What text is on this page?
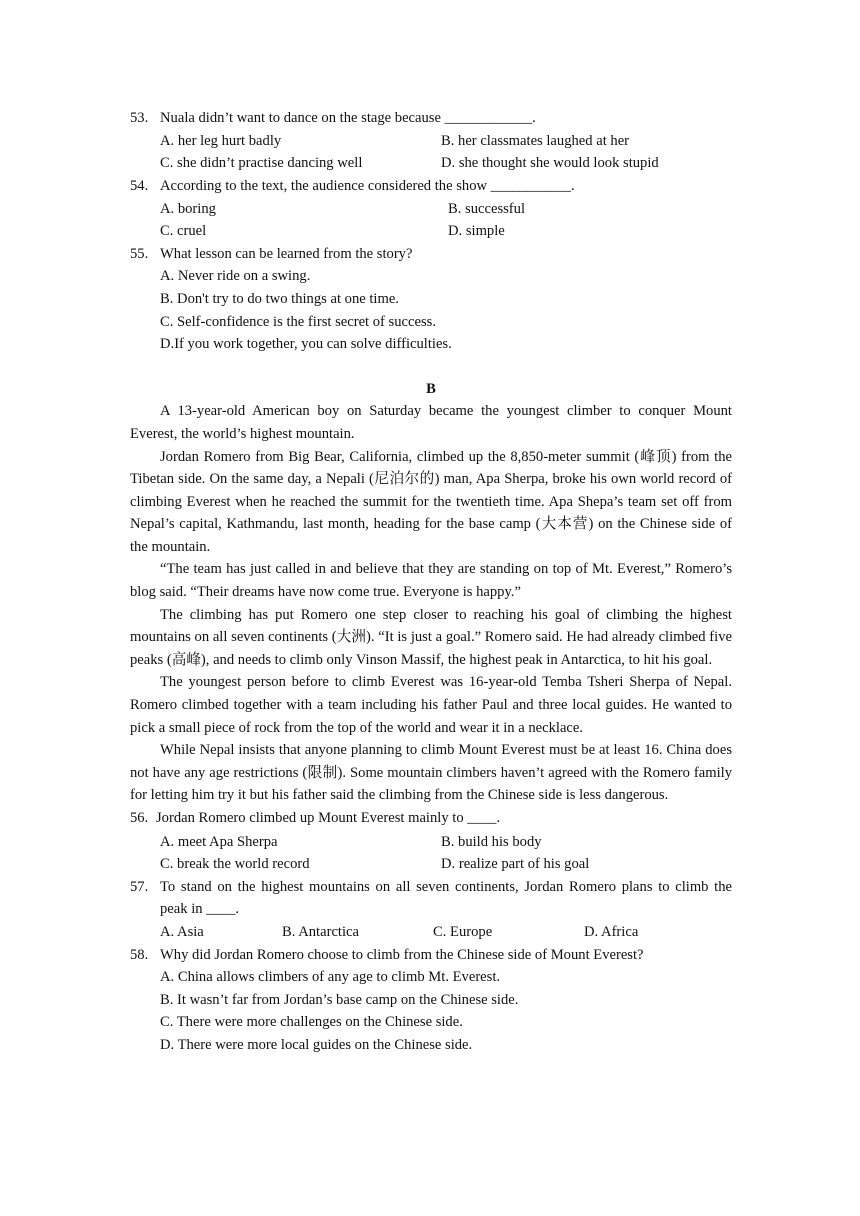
53. Nuala didn’t want to dance on the stage because ____________.
A. her leg hurt badly	B. her classmates laughed at her
C. she didn’t practise dancing well	D. she thought she would look stupid
54. According to the text, the audience considered the show ___________.
A. boring	B. successful
C. cruel	D. simple
55. What lesson can be learned from the story?
A. Never ride on a swing.
B. Don't try to do two things at one time.
C. Self-confidence is the first secret of success.
D.If you work together, you can solve difficulties.
B
A 13-year-old American boy on Saturday became the youngest climber to conquer Mount Everest, the world’s highest mountain.
Jordan Romero from Big Bear, California, climbed up the 8,850-meter summit (峰顶) from the Tibetan side. On the same day, a Nepali (尼泊尔的) man, Apa Sherpa, broke his own world record of climbing Everest when he reached the summit for the twentieth time. Apa Shepa’s team set off from Nepal’s capital, Kathmandu, last month, heading for the base camp (大本营) on the Chinese side of the mountain.
“The team has just called in and believe that they are standing on top of Mt. Everest,” Romero’s blog said. “Their dreams have now come true. Everyone is happy.”
The climbing has put Romero one step closer to reaching his goal of climbing the highest mountains on all seven continents (大洲). “It is just a goal.” Romero said. He had already climbed five peaks (高峰), and needs to climb only Vinson Massif, the highest peak in Antarctica, to hit his goal.
The youngest person before to climb Everest was 16-year-old Temba Tsheri Sherpa of Nepal. Romero climbed together with a team including his father Paul and three local guides. He wanted to pick a small piece of rock from the top of the world and wear it in a necklace.
While Nepal insists that anyone planning to climb Mount Everest must be at least 16. China does not have any age restrictions (限制). Some mountain climbers haven’t agreed with the Romero family for letting him try it but his father said the climbing from the Chinese side is less dangerous.
56. Jordan Romero climbed up Mount Everest mainly to ____.
A. meet Apa Sherpa	B. build his body
C. break the world record	D. realize part of his goal
57. To stand on the highest mountains on all seven continents, Jordan Romero plans to climb the peak in ____.
A. Asia	B. Antarctica	C. Europe	D. Africa
58. Why did Jordan Romero choose to climb from the Chinese side of Mount Everest?
A. China allows climbers of any age to climb Mt. Everest.
B. It wasn’t far from Jordan’s base camp on the Chinese side.
C. There were more challenges on the Chinese side.
D. There were more local guides on the Chinese side.
